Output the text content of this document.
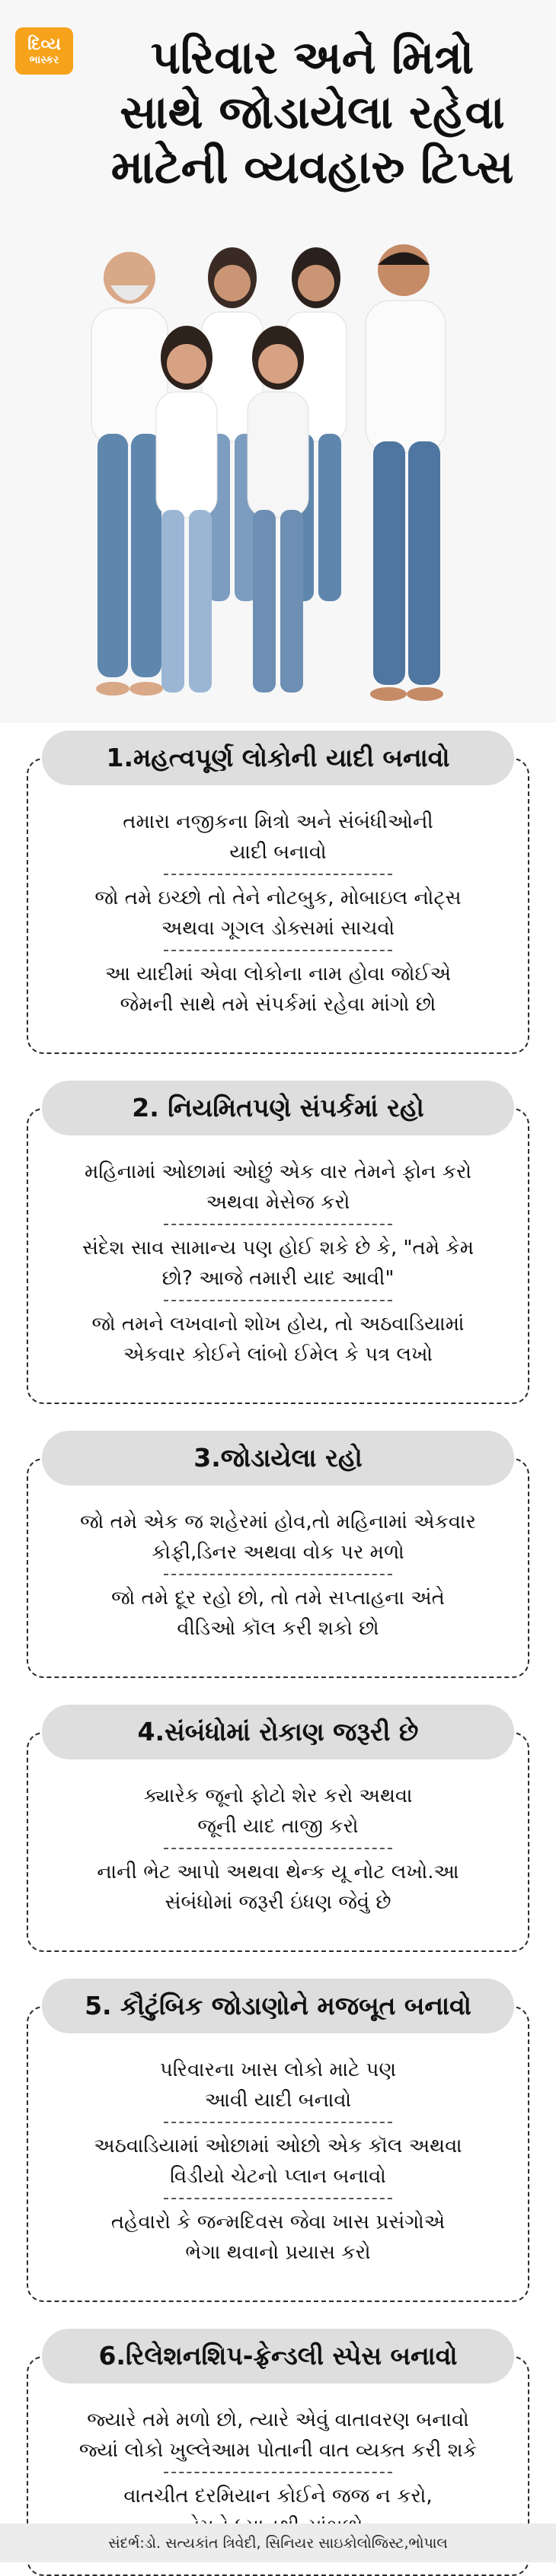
દિવ્ય
ભાસ્કર	પરિવાર અને મિત્રો
સાથે જોડાયેલા રહેવા
માટેની વ્યવહારુ ટિપ્સ
1.મહત્વપૂર્ણ લોકોની યાદી બનાવો
તમારા નજીકના મિત્રો અને સંબંધીઓની
યાદી બનાવો
જો તમે ઇચ્છો તો તેને નોટબુક, મોબાઇલ નોટ્સ
અથવા ગૂગલ ડોક્સમાં સાચવો
આ યાદીમાં એવા લોકોના નામ હોવા જોઈએ
જેમની સાથે તમે સંપર્કમાં રહેવા માંગો છો
2. નિયમિતપણે સંપર્કમાં રહો
મહિનામાં ઓછામાં ઓછું એક વાર તેમને ફોન કરો
અથવા મેસેજ કરો
સંદેશ સાવ સામાન્ય પણ હોઈ શકે છે કે, "તમે કેમ
છો? આજે તમારી યાદ આવી"
જો તમને લખવાનો શોખ હોય, તો અઠવાડિયામાં
એકવાર કોઈને લાંબો ઈમેલ કે પત્ર લખો
3.જોડાયેલા રહો
જો તમે એક જ શહેરમાં હોવ,તો મહિનામાં એકવાર
કોફી,ડિનર અથવા વોક પર મળો
જો તમે દૂર રહો છો, તો તમે સપ્તાહના અંતે
વીડિઓ કૉલ કરી શકો છો
4.સંબંધોમાં રોકાણ જરૂરી છે
ક્યારેક જૂનો ફોટો શેર કરો અથવા
જૂની યાદ તાજી કરો
નાની ભેટ આપો અથવા થેન્ક યૂ નોટ લખો.આ
સંબંધોમાં જરૂરી ઇંધણ જેવું છે
5. કૌટુંબિક જોડાણોને મજબૂત બનાવો
પરિવારના ખાસ લોકો માટે પણ
આવી યાદી બનાવો
અઠવાડિયામાં ઓછામાં ઓછો એક કૉલ અથવા
વિડીયો ચેટનો પ્લાન બનાવો
તહેવારો કે જન્મદિવસ જેવા ખાસ પ્રસંગોએ
ભેગા થવાનો પ્રયાસ કરો
6.રિલેશનશિપ-ફ્રેન્ડલી સ્પેસ બનાવો
જ્યારે તમે મળો છો, ત્યારે એવું વાતાવરણ બનાવો
જ્યાં લોકો ખુલ્લેઆમ પોતાની વાત વ્યક્ત કરી શકે
વાતચીત દરમિયાન કોઈને જજ ન કરો,

સંદર્ભ:ડો. સત્યકાંત ત્રિવેદી, સિનિયર સાઇકોલોજિસ્ટ,ભોપાલ
